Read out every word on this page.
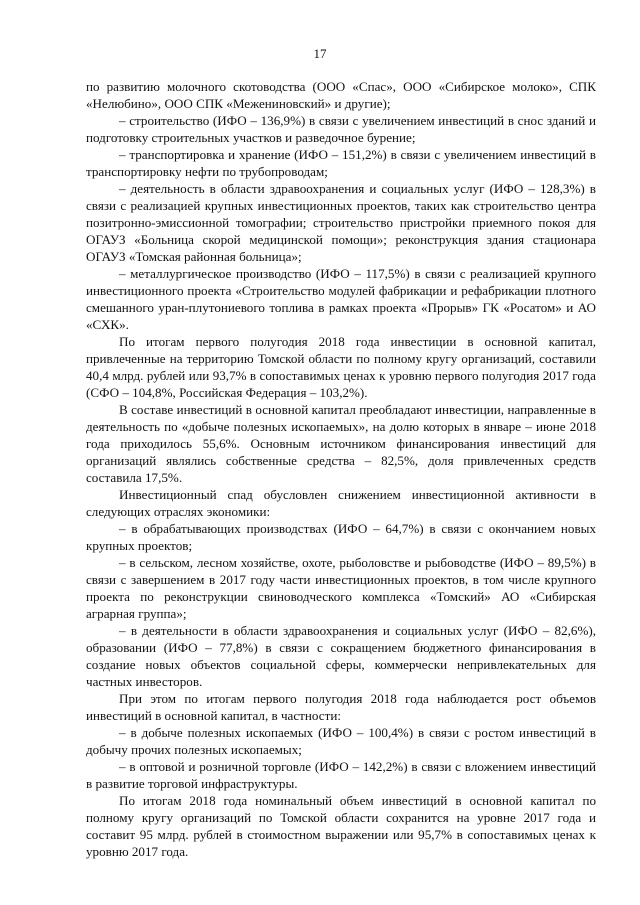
17

по развитию молочного скотоводства (ООО «Спас», ООО «Сибирское молоко», СПК «Нелюбино», ООО СПК «Межениновский» и другие);

– строительство (ИФО – 136,9%) в связи с увеличением инвестиций в снос зданий и подготовку строительных участков и разведочное бурение;

– транспортировка и хранение (ИФО – 151,2%) в связи с увеличением инвестиций в транспортировку нефти по трубопроводам;

– деятельность в области здравоохранения и социальных услуг (ИФО – 128,3%) в связи с реализацией крупных инвестиционных проектов, таких как строительство центра позитронно-эмиссионной томографии; строительство пристройки приемного покоя для ОГАУЗ «Больница скорой медицинской помощи»; реконструкция здания стационара ОГАУЗ «Томская районная больница»;

– металлургическое производство (ИФО – 117,5%) в связи с реализацией крупного инвестиционного проекта «Строительство модулей фабрикации и рефабрикации плотного смешанного уран-плутониевого топлива в рамках проекта «Прорыв» ГК «Росатом» и АО «СХК».

По итогам первого полугодия 2018 года инвестиции в основной капитал, привлеченные на территорию Томской области по полному кругу организаций, составили 40,4 млрд. рублей или 93,7% в сопоставимых ценах к уровню первого полугодия 2017 года (СФО – 104,8%, Российская Федерация – 103,2%).

В составе инвестиций в основной капитал преобладают инвестиции, направленные в деятельность по «добыче полезных ископаемых», на долю которых в январе – июне 2018 года приходилось 55,6%. Основным источником финансирования инвестиций для организаций являлись собственные средства – 82,5%, доля привлеченных средств составила 17,5%.

Инвестиционный спад обусловлен снижением инвестиционной активности в следующих отраслях экономики:

– в обрабатывающих производствах (ИФО – 64,7%) в связи с окончанием новых крупных проектов;

– в сельском, лесном хозяйстве, охоте, рыболовстве и рыбоводстве (ИФО – 89,5%) в связи с завершением в 2017 году части инвестиционных проектов, в том числе крупного проекта по реконструкции свиноводческого комплекса «Томский» АО «Сибирская аграрная группа»;

– в деятельности в области здравоохранения и социальных услуг (ИФО – 82,6%), образовании (ИФО – 77,8%) в связи с сокращением бюджетного финансирования в создание новых объектов социальной сферы, коммерчески непривлекательных для частных инвесторов.

При этом по итогам первого полугодия 2018 года наблюдается рост объемов инвестиций в основной капитал, в частности:

– в добыче полезных ископаемых (ИФО – 100,4%) в связи с ростом инвестиций в добычу прочих полезных ископаемых;

– в оптовой и розничной торговле (ИФО – 142,2%) в связи с вложением инвестиций в развитие торговой инфраструктуры.

По итогам 2018 года номинальный объем инвестиций в основной капитал по полному кругу организаций по Томской области сохранится на уровне 2017 года и составит 95 млрд. рублей в стоимостном выражении или 95,7% в сопоставимых ценах к уровню 2017 года.
